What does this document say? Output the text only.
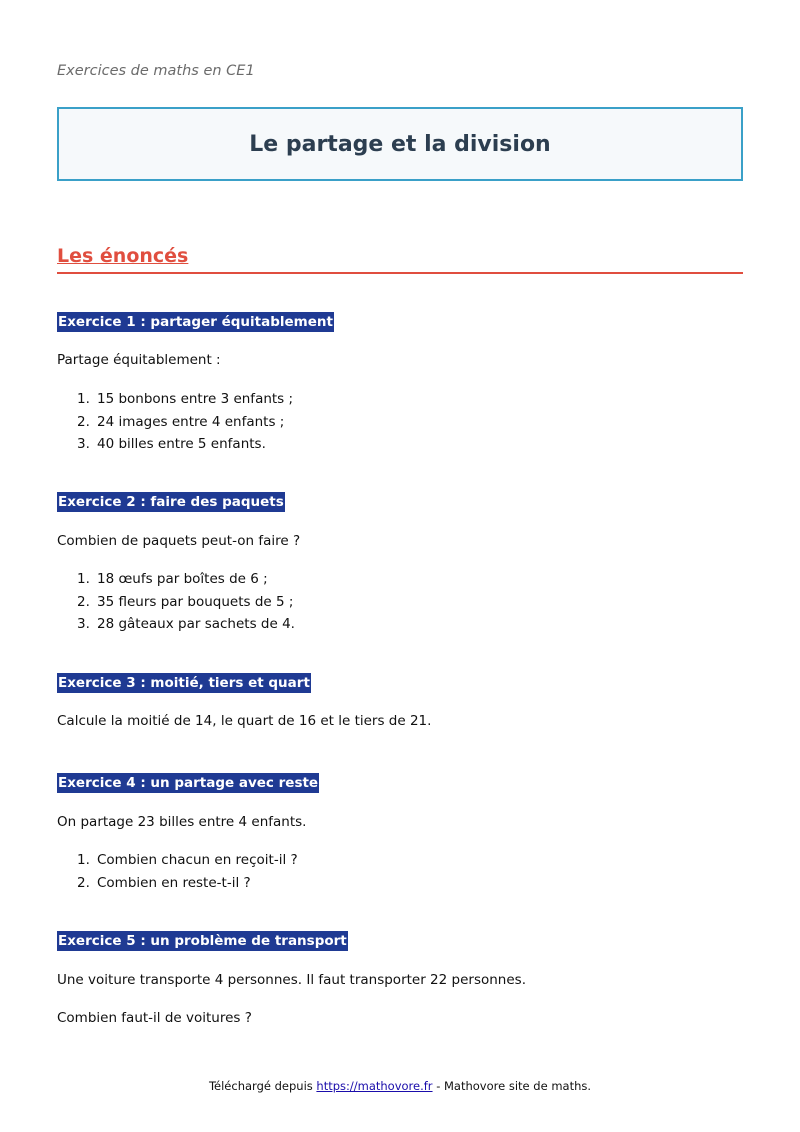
Exercices de maths en CE1
Le partage et la division
Les énoncés
Exercice 1 : partager équitablement

Partage équitablement :

1. 15 bonbons entre 3 enfants ;
2. 24 images entre 4 enfants ;
3. 40 billes entre 5 enfants.
Exercice 2 : faire des paquets

Combien de paquets peut-on faire ?

1. 18 œufs par boîtes de 6 ;
2. 35 fleurs par bouquets de 5 ;
3. 28 gâteaux par sachets de 4.
Exercice 3 : moitié, tiers et quart

Calcule la moitié de 14, le quart de 16 et le tiers de 21.

Exercice 4 : un partage avec reste

On partage 23 billes entre 4 enfants.

1. Combien chacun en reçoit-il ?
2. Combien en reste-t-il ?
Exercice 5 : un problème de transport

Une voiture transporte 4 personnes. Il faut transporter 22 personnes.

Combien faut-il de voitures ?

Téléchargé depuis https://mathovore.fr - Mathovore site de maths.
